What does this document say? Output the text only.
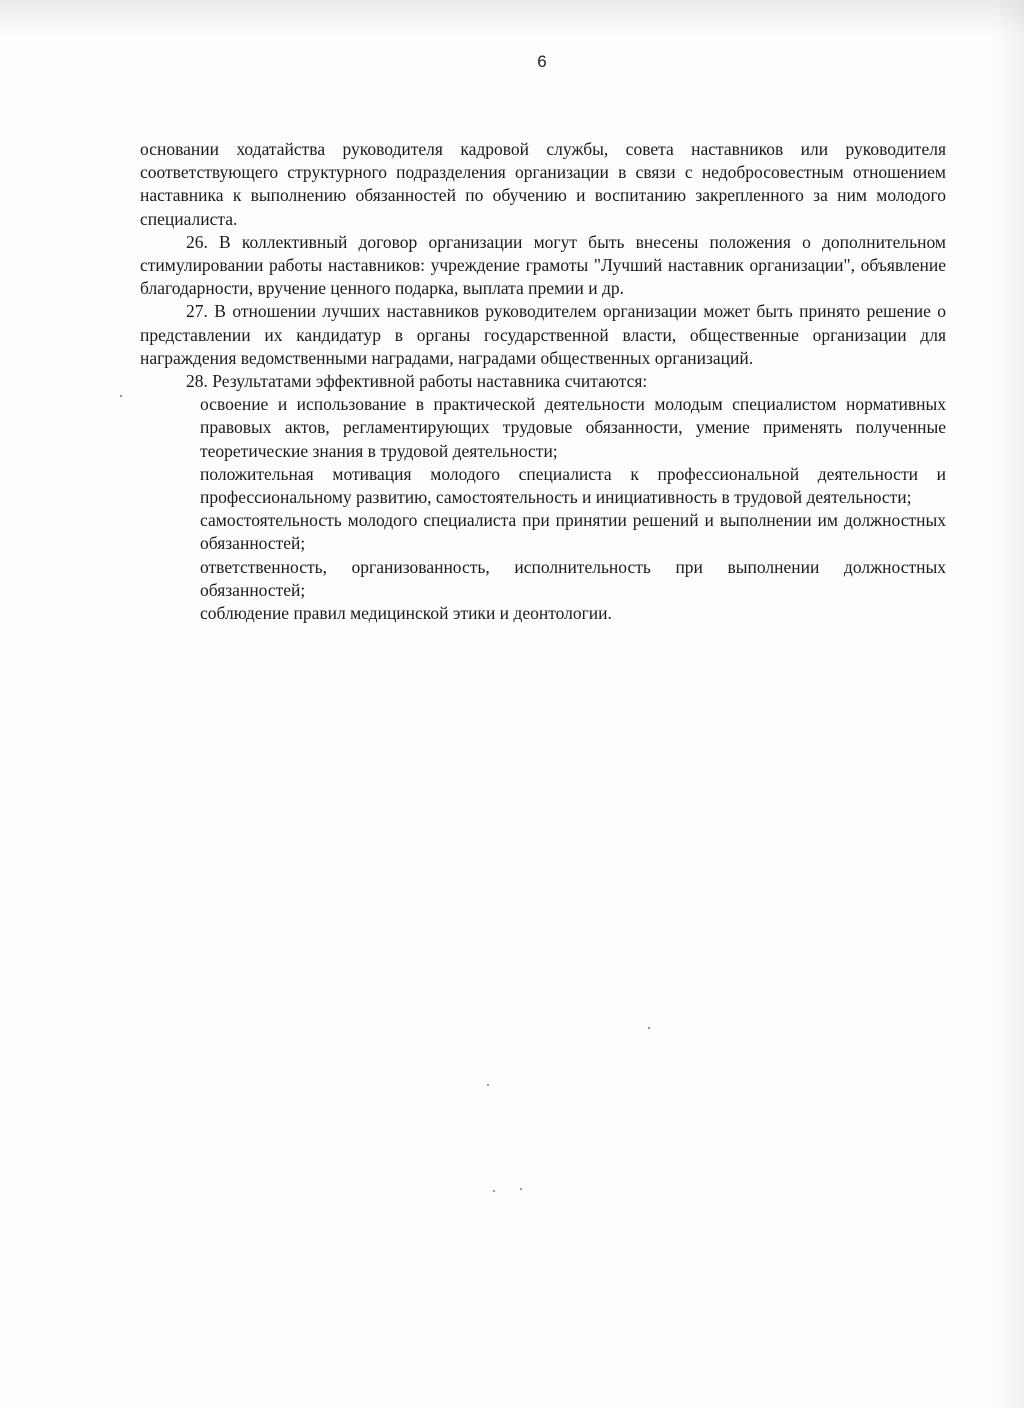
6

основании ходатайства руководителя кадровой службы, совета наставников или руководителя соответствующего структурного подразделения организации в связи с недобросовестным отношением наставника к выполнению обязанностей по обучению и воспитанию закрепленного за ним молодого специалиста.

26. В коллективный договор организации могут быть внесены положения о дополнительном стимулировании работы наставников: учреждение грамоты "Лучший наставник организации", объявление благодарности, вручение ценного подарка, выплата премии и др.

27. В отношении лучших наставников руководителем организации может быть принято решение о представлении их кандидатур в органы государственной власти, общественные организации для награждения ведомственными наградами, наградами общественных организаций.

28. Результатами эффективной работы наставника считаются:

освоение и использование в практической деятельности молодым специалистом нормативных правовых актов, регламентирующих трудовые обязанности, умение применять полученные теоретические знания в трудовой деятельности;

положительная мотивация молодого специалиста к профессиональной деятельности и профессиональному развитию, самостоятельность и инициативность в трудовой деятельности;

самостоятельность молодого специалиста при принятии решений и выполнении им должностных обязанностей;

ответственность, организованность, исполнительность при выполнении должностных обязанностей;

соблюдение правил медицинской этики и деонтологии.
